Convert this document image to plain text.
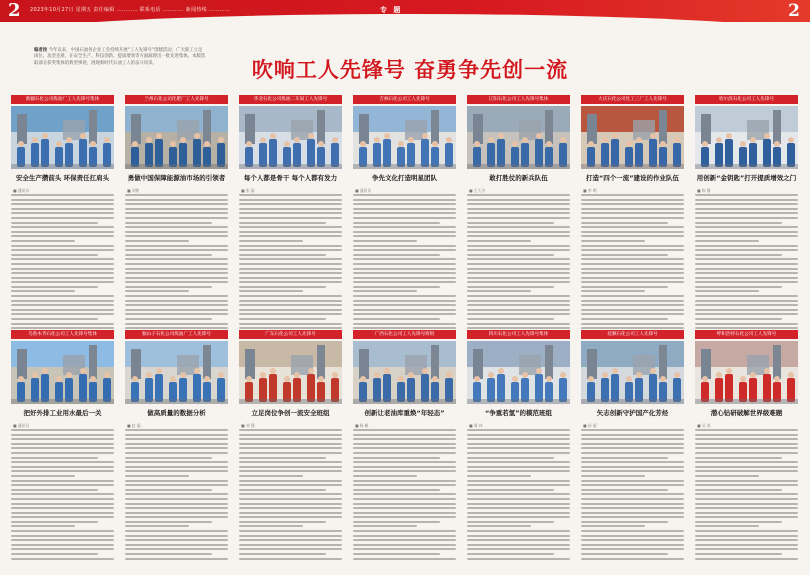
2	2023年10月27日 星期五 责任编辑 ………… 联系电话 ………… 新闻热线 …………	专 题	2
编者按 今年以来，中国石油各企业工会持续开展“工人先锋号”创建活动，广大职工立足岗位、攻坚克难，在安全生产、科技创新、提质增效等方面涌现出一批先进集体。本版选取部分获奖集体的典型事迹，展现新时代石油工人的奋斗风采。	吹响工人先锋号 奋勇争先创一流
新疆石化公司炼油厂工人先锋号集体
安全生产攒前头 环保责任扛肩头
■ 通讯员
兰州石化公司化肥厂工人先锋号
勇做中国保障能源油市场的引领者
■ 刘铭
华北石化公司炼油二车间工人先锋号
每个人都是骨干 每个人都有发力
■ 张 磊
吉林石化公司工人先锋号
争先文化打造明星团队
■ 通讯员
辽阳石化公司工人先锋号集体
敢打胜仗的新兵队伍
■ 王大为
大庆石化公司化工三厂工人先锋号
打造“四个一流”建设的作业队伍
■ 李 明
哈尔滨石化公司工人先锋号
用创新“金钥匙”打开提质增效之门
■ 陈 静
乌鲁木齐石化公司工人先锋号集体
把好外排工业用水最后一关
■ 通讯员
独山子石化公司炼油厂工人先锋号
做高质量的数据分析
■ 赵 磊
广东石化公司工人先锋号
立足岗位争创一流安全班组
■ 刘 强
广西石化公司工人先锋号班组
创新让老油库重焕“年轻态”
■ 杨 帆
四川石化公司工人先锋号集体
“争重若氢”的模范班组
■ 周 伟
抚顺石化公司工人先锋号
矢志创新守护国产化芳烃
■ 孙 丽
呼和浩特石化公司工人先锋号
潜心钻研破解世界级难题
■ 吴 涛
